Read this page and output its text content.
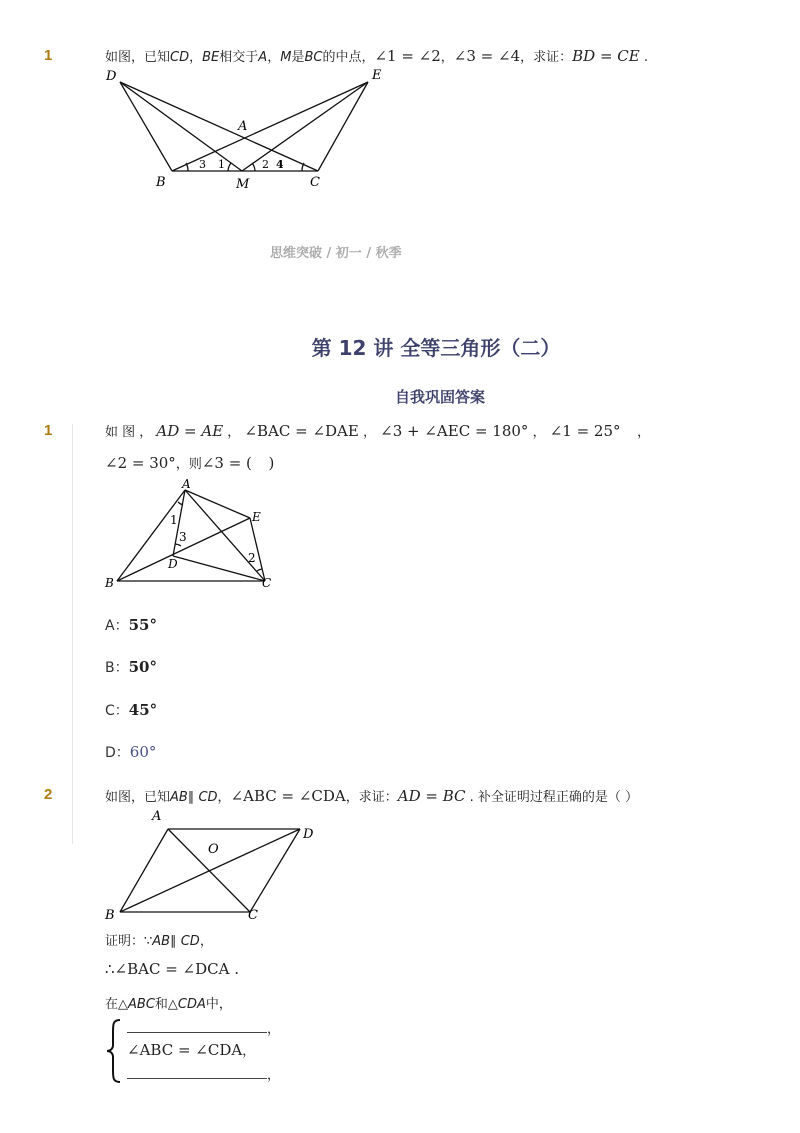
1	如图，已知CD，BE相交于A，M是BC的中点，∠1 = ∠2，∠3 = ∠4，求证：BD = CE .
D	E
A
B	M	C
3 1	2 4
思维突破 / 初一 / 秋季
第 12 讲 全等三角形（二）
自我巩固答案
1	如 图 ， AD = AE ， ∠BAC = ∠DAE ， ∠3 + ∠AEC = 180° ， ∠1 = 25° ，
∠2 = 30°，则∠3 = ( )
A
E
B	C
D
1
3
2
A：55°
B：50°
C：45°
D：60°
2	如图，已知AB∥ CD，∠ABC = ∠CDA，求证：AD = BC . 补全证明过程正确的是（ ）
A
D
O
B	C
证明：∵AB∥ CD，
∴∠BAC = ∠DCA .
在△ABC和△CDA中，
，
∠ABC = ∠CDA，
，
